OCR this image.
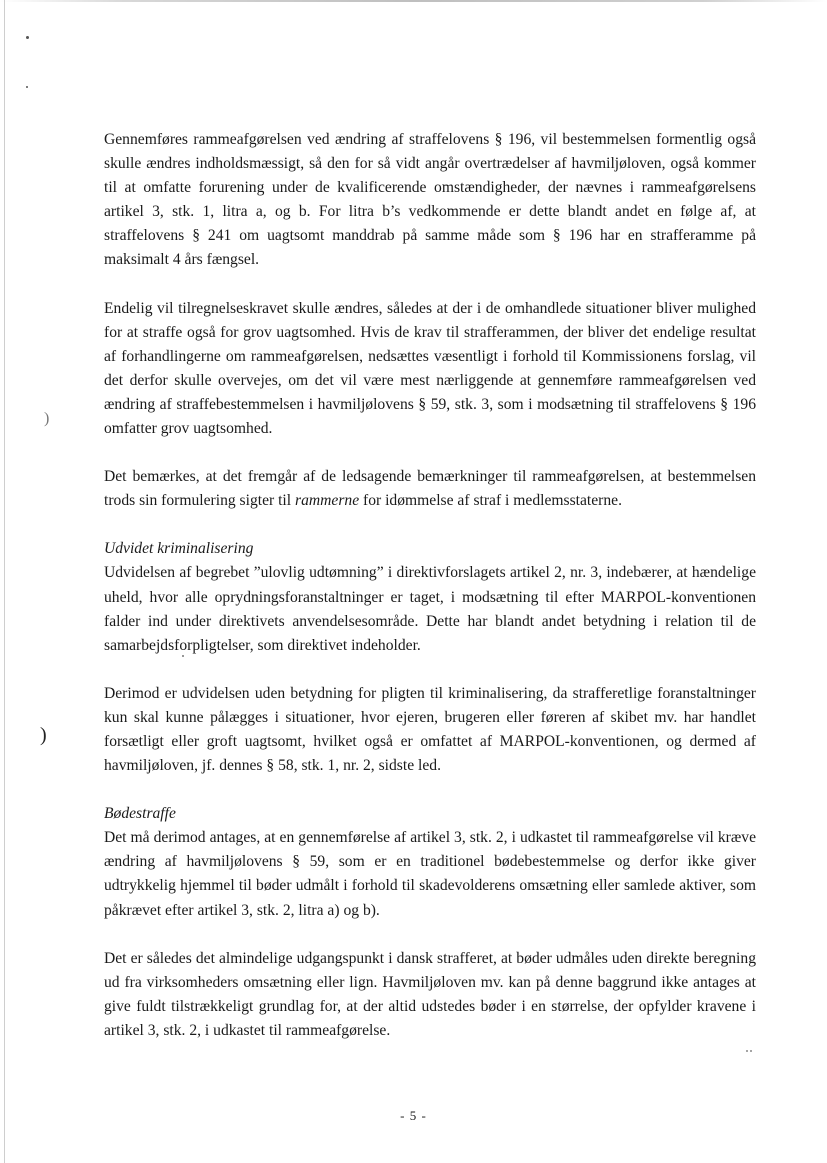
)
)

Gennemføres rammeafgørelsen ved ændring af straffelovens § 196, vil bestemmelsen formentlig også skulle ændres indholdsmæssigt, så den for så vidt angår overtrædelser af havmiljøloven, også kommer til at omfatte forurening under de kvalificerende omstændigheder, der nævnes i rammeafgørelsens artikel 3, stk. 1, litra a, og b. For litra b’s vedkommende er dette blandt andet en følge af, at straffelovens § 241 om uagtsomt manddrab på samme måde som § 196 har en strafferamme på maksimalt 4 års fængsel.

Endelig vil tilregnelseskravet skulle ændres, således at der i de omhandlede situationer bliver mulighed for at straffe også for grov uagtsomhed. Hvis de krav til strafferammen, der bliver det endelige resultat af forhandlingerne om rammeafgørelsen, nedsættes væsentligt i forhold til Kommissionens forslag, vil det derfor skulle overvejes, om det vil være mest nærliggende at gennemføre rammeafgørelsen ved ændring af straffebestemmelsen i havmiljølovens § 59, stk. 3, som i modsætning til straffelovens § 196 omfatter grov uagtsomhed.

Det bemærkes, at det fremgår af de ledsagende bemærkninger til rammeafgørelsen, at bestemmelsen trods sin formulering sigter til rammerne for idømmelse af straf i medlemsstaterne.

Udvidet kriminalisering

Udvidelsen af begrebet ”ulovlig udtømning” i direktivforslagets artikel 2, nr. 3, indebærer, at hændelige uheld, hvor alle oprydningsforanstaltninger er taget, i modsætning til efter MARPOL-konventionen falder ind under direktivets anvendelsesområde. Dette har blandt andet betydning i relation til de samarbejdsforpligtelser, som direktivet indeholder.

Derimod er udvidelsen uden betydning for pligten til kriminalisering, da strafferetlige foranstaltninger kun skal kunne pålægges i situationer, hvor ejeren, brugeren eller føreren af skibet mv. har handlet forsætligt eller groft uagtsomt, hvilket også er omfattet af MARPOL-konventionen, og dermed af havmiljøloven, jf. dennes § 58, stk. 1, nr. 2, sidste led.

Bødestraffe

Det må derimod antages, at en gennemførelse af artikel 3, stk. 2, i udkastet til rammeafgørelse vil kræve ændring af havmiljølovens § 59, som er en traditionel bødebestemmelse og derfor ikke giver udtrykkelig hjemmel til bøder udmålt i forhold til skadevolderens omsætning eller samlede aktiver, som påkrævet efter artikel 3, stk. 2, litra a) og b).

Det er således det almindelige udgangspunkt i dansk strafferet, at bøder udmåles uden direkte beregning ud fra virksomheders omsætning eller lign. Havmiljøloven mv. kan på denne baggrund ikke antages at give fuldt tilstrækkeligt grundlag for, at der altid udstedes bøder i en størrelse, der opfylder kravene i artikel 3, stk. 2, i udkastet til rammeafgørelse.

- 5 -
